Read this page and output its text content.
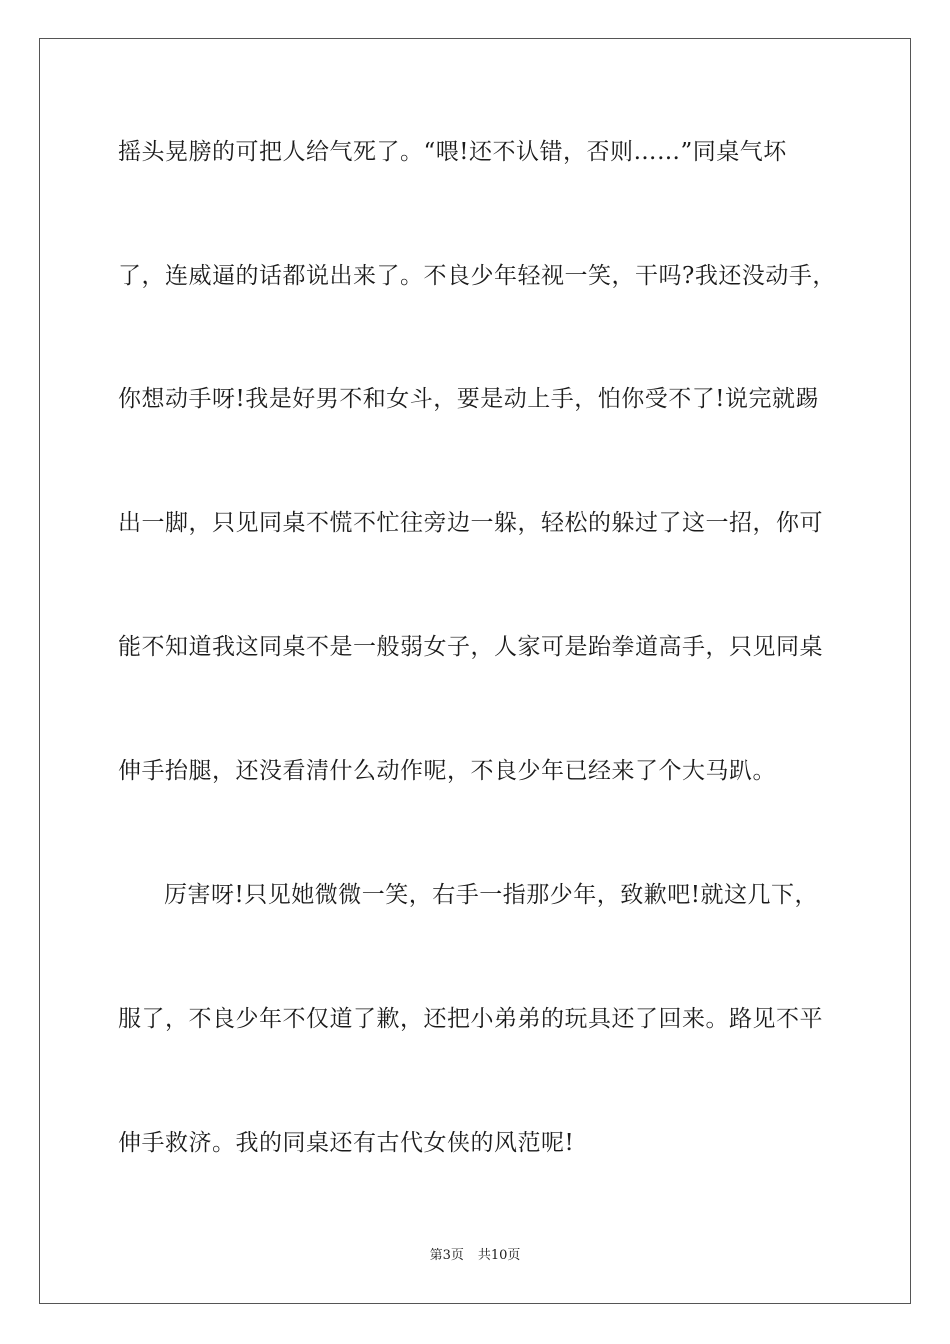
摇头晃膀的可把人给气死了。“喂!还不认错，否则……”同桌气坏
了，连威逼的话都说出来了。不良少年轻视一笑，干吗?我还没动手，
你想动手呀!我是好男不和女斗，要是动上手，怕你受不了!说完就踢
出一脚，只见同桌不慌不忙往旁边一躲，轻松的躲过了这一招，你可
能不知道我这同桌不是一般弱女子，人家可是跆拳道高手，只见同桌
伸手抬腿，还没看清什么动作呢，不良少年已经来了个大马趴。
厉害呀!只见她微微一笑，右手一指那少年，致歉吧!就这几下，
服了，不良少年不仅道了歉，还把小弟弟的玩具还了回来。路见不平
伸手救济。我的同桌还有古代女侠的风范呢!
第3页 共10页
